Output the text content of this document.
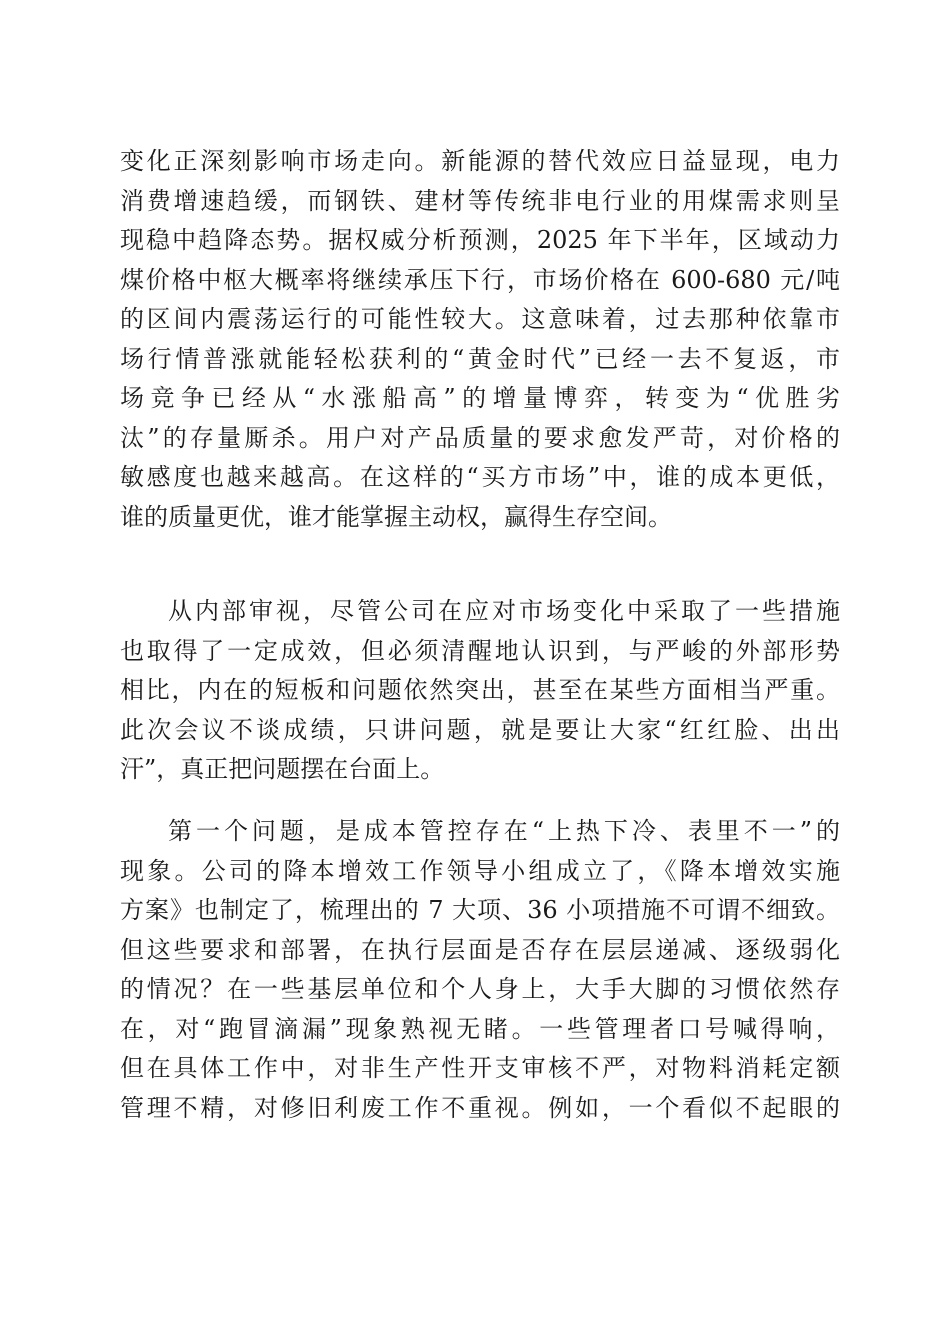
变化正深刻影响市场走向。新能源的替代效应日益显现，电力
消费增速趋缓，而钢铁、建材等传统非电行业的用煤需求则呈
现稳中趋降态势。据权威分析预测，2025 年下半年，区域动力
煤价格中枢大概率将继续承压下行，市场价格在 600-680 元/吨
的区间内震荡运行的可能性较大。这意味着，过去那种依靠市
场行情普涨就能轻松获利的“黄金时代”已经一去不复返，市
场竞争已经从“水涨船高”的增量博弈，转变为“优胜劣
汰”的存量厮杀。用户对产品质量的要求愈发严苛，对价格的
敏感度也越来越高。在这样的“买方市场”中，谁的成本更低，
谁的质量更优，谁才能掌握主动权，赢得生存空间。
从内部审视，尽管公司在应对市场变化中采取了一些措施
也取得了一定成效，但必须清醒地认识到，与严峻的外部形势
相比，内在的短板和问题依然突出，甚至在某些方面相当严重。
此次会议不谈成绩，只讲问题，就是要让大家“红红脸、出出
汗”，真正把问题摆在台面上。
第一个问题，是成本管控存在“上热下冷、表里不一”的
现象。公司的降本增效工作领导小组成立了，《降本增效实施
方案》也制定了，梳理出的 7 大项、36 小项措施不可谓不细致。
但这些要求和部署，在执行层面是否存在层层递减、逐级弱化
的情况？在一些基层单位和个人身上，大手大脚的习惯依然存
在，对“跑冒滴漏”现象熟视无睹。一些管理者口号喊得响，
但在具体工作中，对非生产性开支审核不严，对物料消耗定额
管理不精，对修旧利废工作不重视。例如，一个看似不起眼的
